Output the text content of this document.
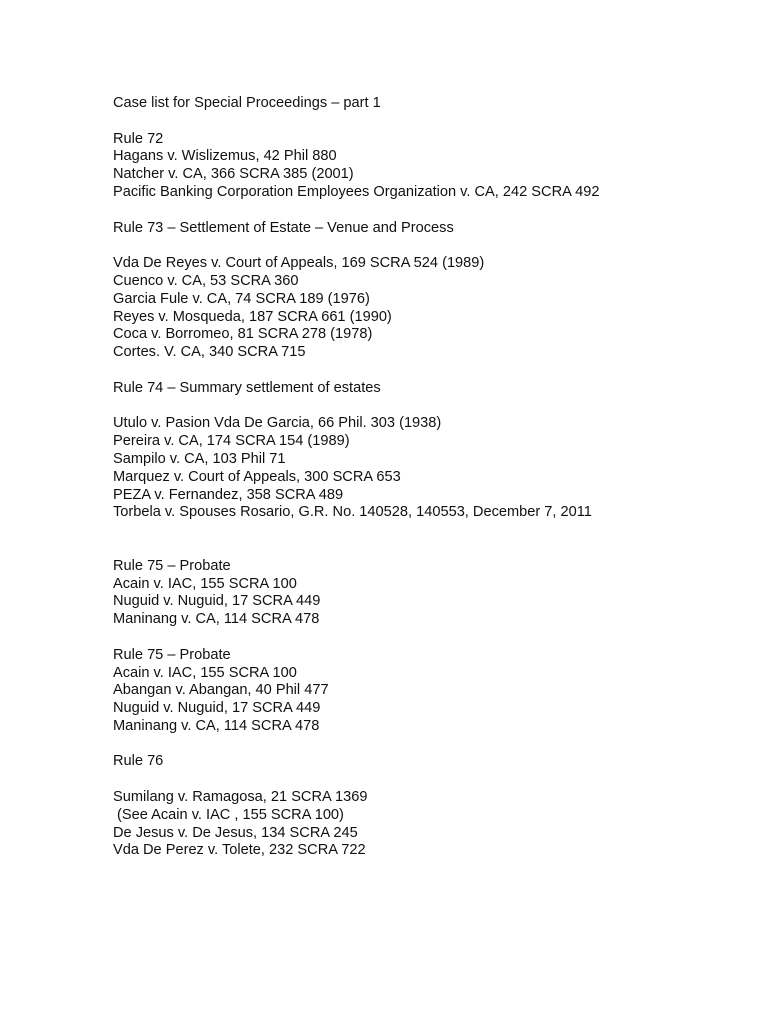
Case list for Special Proceedings – part 1
Rule 72
Hagans v. Wislizemus, 42 Phil 880
Natcher v. CA, 366 SCRA 385 (2001)
Pacific Banking Corporation Employees Organization v. CA, 242 SCRA 492
Rule 73 – Settlement of Estate – Venue and Process
Vda De Reyes v. Court of Appeals, 169 SCRA 524 (1989)
Cuenco v. CA, 53 SCRA 360
Garcia Fule v. CA, 74 SCRA 189 (1976)
Reyes v. Mosqueda, 187 SCRA 661 (1990)
Coca v. Borromeo, 81 SCRA 278 (1978)
Cortes. V. CA, 340 SCRA 715
Rule 74 – Summary settlement of estates
Utulo v. Pasion Vda De Garcia, 66 Phil. 303 (1938)
Pereira v. CA, 174 SCRA 154 (1989)
Sampilo v. CA, 103 Phil 71
Marquez v. Court of Appeals, 300 SCRA 653
PEZA v. Fernandez, 358 SCRA 489
Torbela v. Spouses Rosario, G.R. No. 140528, 140553, December 7, 2011
Rule 75 – Probate
Acain v. IAC, 155 SCRA 100
Nuguid v. Nuguid, 17 SCRA 449
Maninang v. CA, 114 SCRA 478
Rule 75 – Probate
Acain v. IAC, 155 SCRA 100
Abangan v. Abangan, 40 Phil 477
Nuguid v. Nuguid, 17 SCRA 449
Maninang v. CA, 114 SCRA 478
Rule 76
Sumilang v. Ramagosa, 21 SCRA 1369
(See Acain v. IAC , 155 SCRA 100)
De Jesus v. De Jesus, 134 SCRA 245
Vda De Perez v. Tolete, 232 SCRA 722
